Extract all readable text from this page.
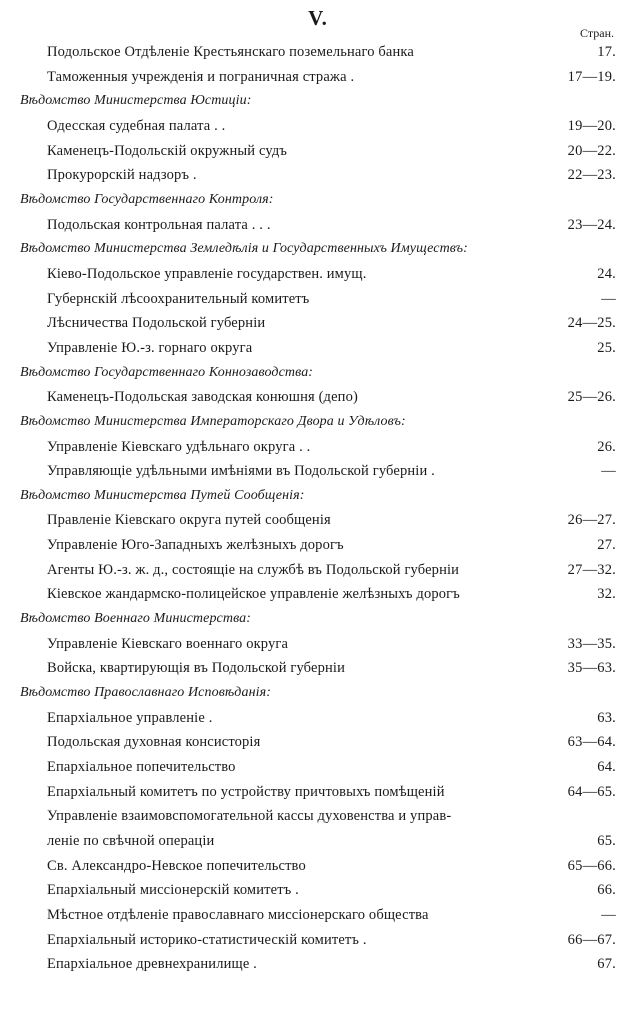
V.
Стран.
Подольское Отдѣленіе Крестьянскаго поземельнаго банка	17.
Таможенныя учрежденія и пограничная стража .	17—19.
Вѣдомство Министерства Юстиціи:
Одесская судебная палата . .	19—20.
Каменецъ-Подольскій окружный судъ	20—22.
Прокурорскій надзоръ .	22—23.
Вѣдомство Государственнаго Контроля:
Подольская контрольная палата . . .	23—24.
Вѣдомство Министерства Земледѣлія и Государственныхъ Имуществъ:
Кіево-Подольское управленіе государствен. имущ.	24.
Губернскій лѣсоохранительный комитетъ	—
Лѣсничества Подольской губерніи	24—25.
Управленіе Ю.-з. горнаго округа	25.
Вѣдомство Государственнаго Коннозаводства:
Каменецъ-Подольская заводская конюшня (депо)	25—26.
Вѣдомство Министерства Императорскаго Двора и Удѣловъ:
Управленіе Кіевскаго удѣльнаго округа . .	26.
Управляющіе удѣльными имѣніями въ Подольской губерніи .	—
Вѣдомство Министерства Путей Сообщенія:
Правленіе Кіевскаго округа путей сообщенія	26—27.
Управленіе Юго-Западныхъ желѣзныхъ дорогъ	27.
Агенты Ю.-з. ж. д., состоящіе на службѣ въ Подольской губерніи	27—32.
Кіевское жандармско-полицейское управленіе желѣзныхъ дорогъ	32.
Вѣдомство Военнаго Министерства:
Управленіе Кіевскаго военнаго округа	33—35.
Войска, квартирующія въ Подольской губерніи	35—63.
Вѣдомство Православнаго Исповѣданія:
Епархіальное управленіе .	63.
Подольская духовная консисторія	63—64.
Епархіальное попечительство	64.
Епархіальный комитетъ по устройству причтовыхъ помѣщеній	64—65.
Управленіе взаимовспомогательной кассы духовенства и управ-
леніе по свѣчной операціи	65.
Св. Александро-Невское попечительство	65—66.
Епархіальный миссіонерскій комитетъ .	66.
Мѣстное отдѣленіе православнаго миссіонерскаго общества	—
Епархіальный историко-статистическій комитетъ .	66—67.
Епархіальное древнехранилище .	67.
